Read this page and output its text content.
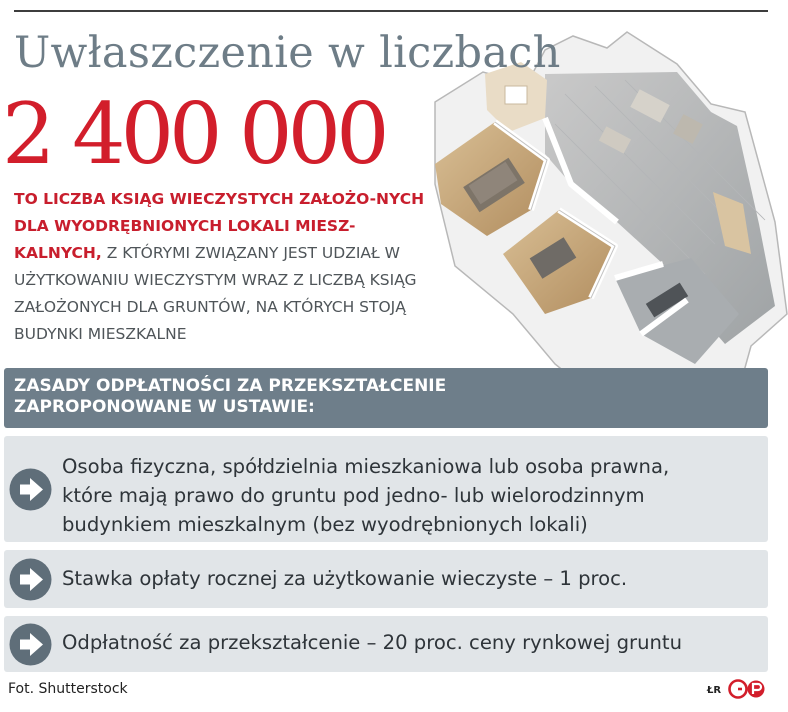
Uwłaszczenie w liczbach
2 400 000

TO LICZBA KSIĄG WIECZYSTYCH ZAŁOŻO-NYCH DLA WYODRĘBNIONYCH LOKALI MIESZ-KALNYCH, Z KTÓRYMI ZWIĄZANY JEST UDZIAŁ W UŻYTKOWANIU WIECZYSTYM WRAZ Z LICZBĄ KSIĄG ZAŁOŻONYCH DLA GRUNTÓW, NA KTÓRYCH STOJĄ BUDYNKI MIESZKALNE

ZASADY ODPŁATNOŚCI ZA PRZEKSZTAŁCENIE
ZAPROPONOWANE W USTAWIE:
Osoba fizyczna, spółdzielnia mieszkaniowa lub osoba prawna,
które mają prawo do gruntu pod jedno- lub wielorodzinnym
budynkiem mieszkalnym (bez wyodrębnionych lokali)
Stawka opłaty rocznej za użytkowanie wieczyste – 1 proc.
Odpłatność za przekształcenie – 20 proc. ceny rynkowej gruntu
Fot. Shutterstock	ŁR
